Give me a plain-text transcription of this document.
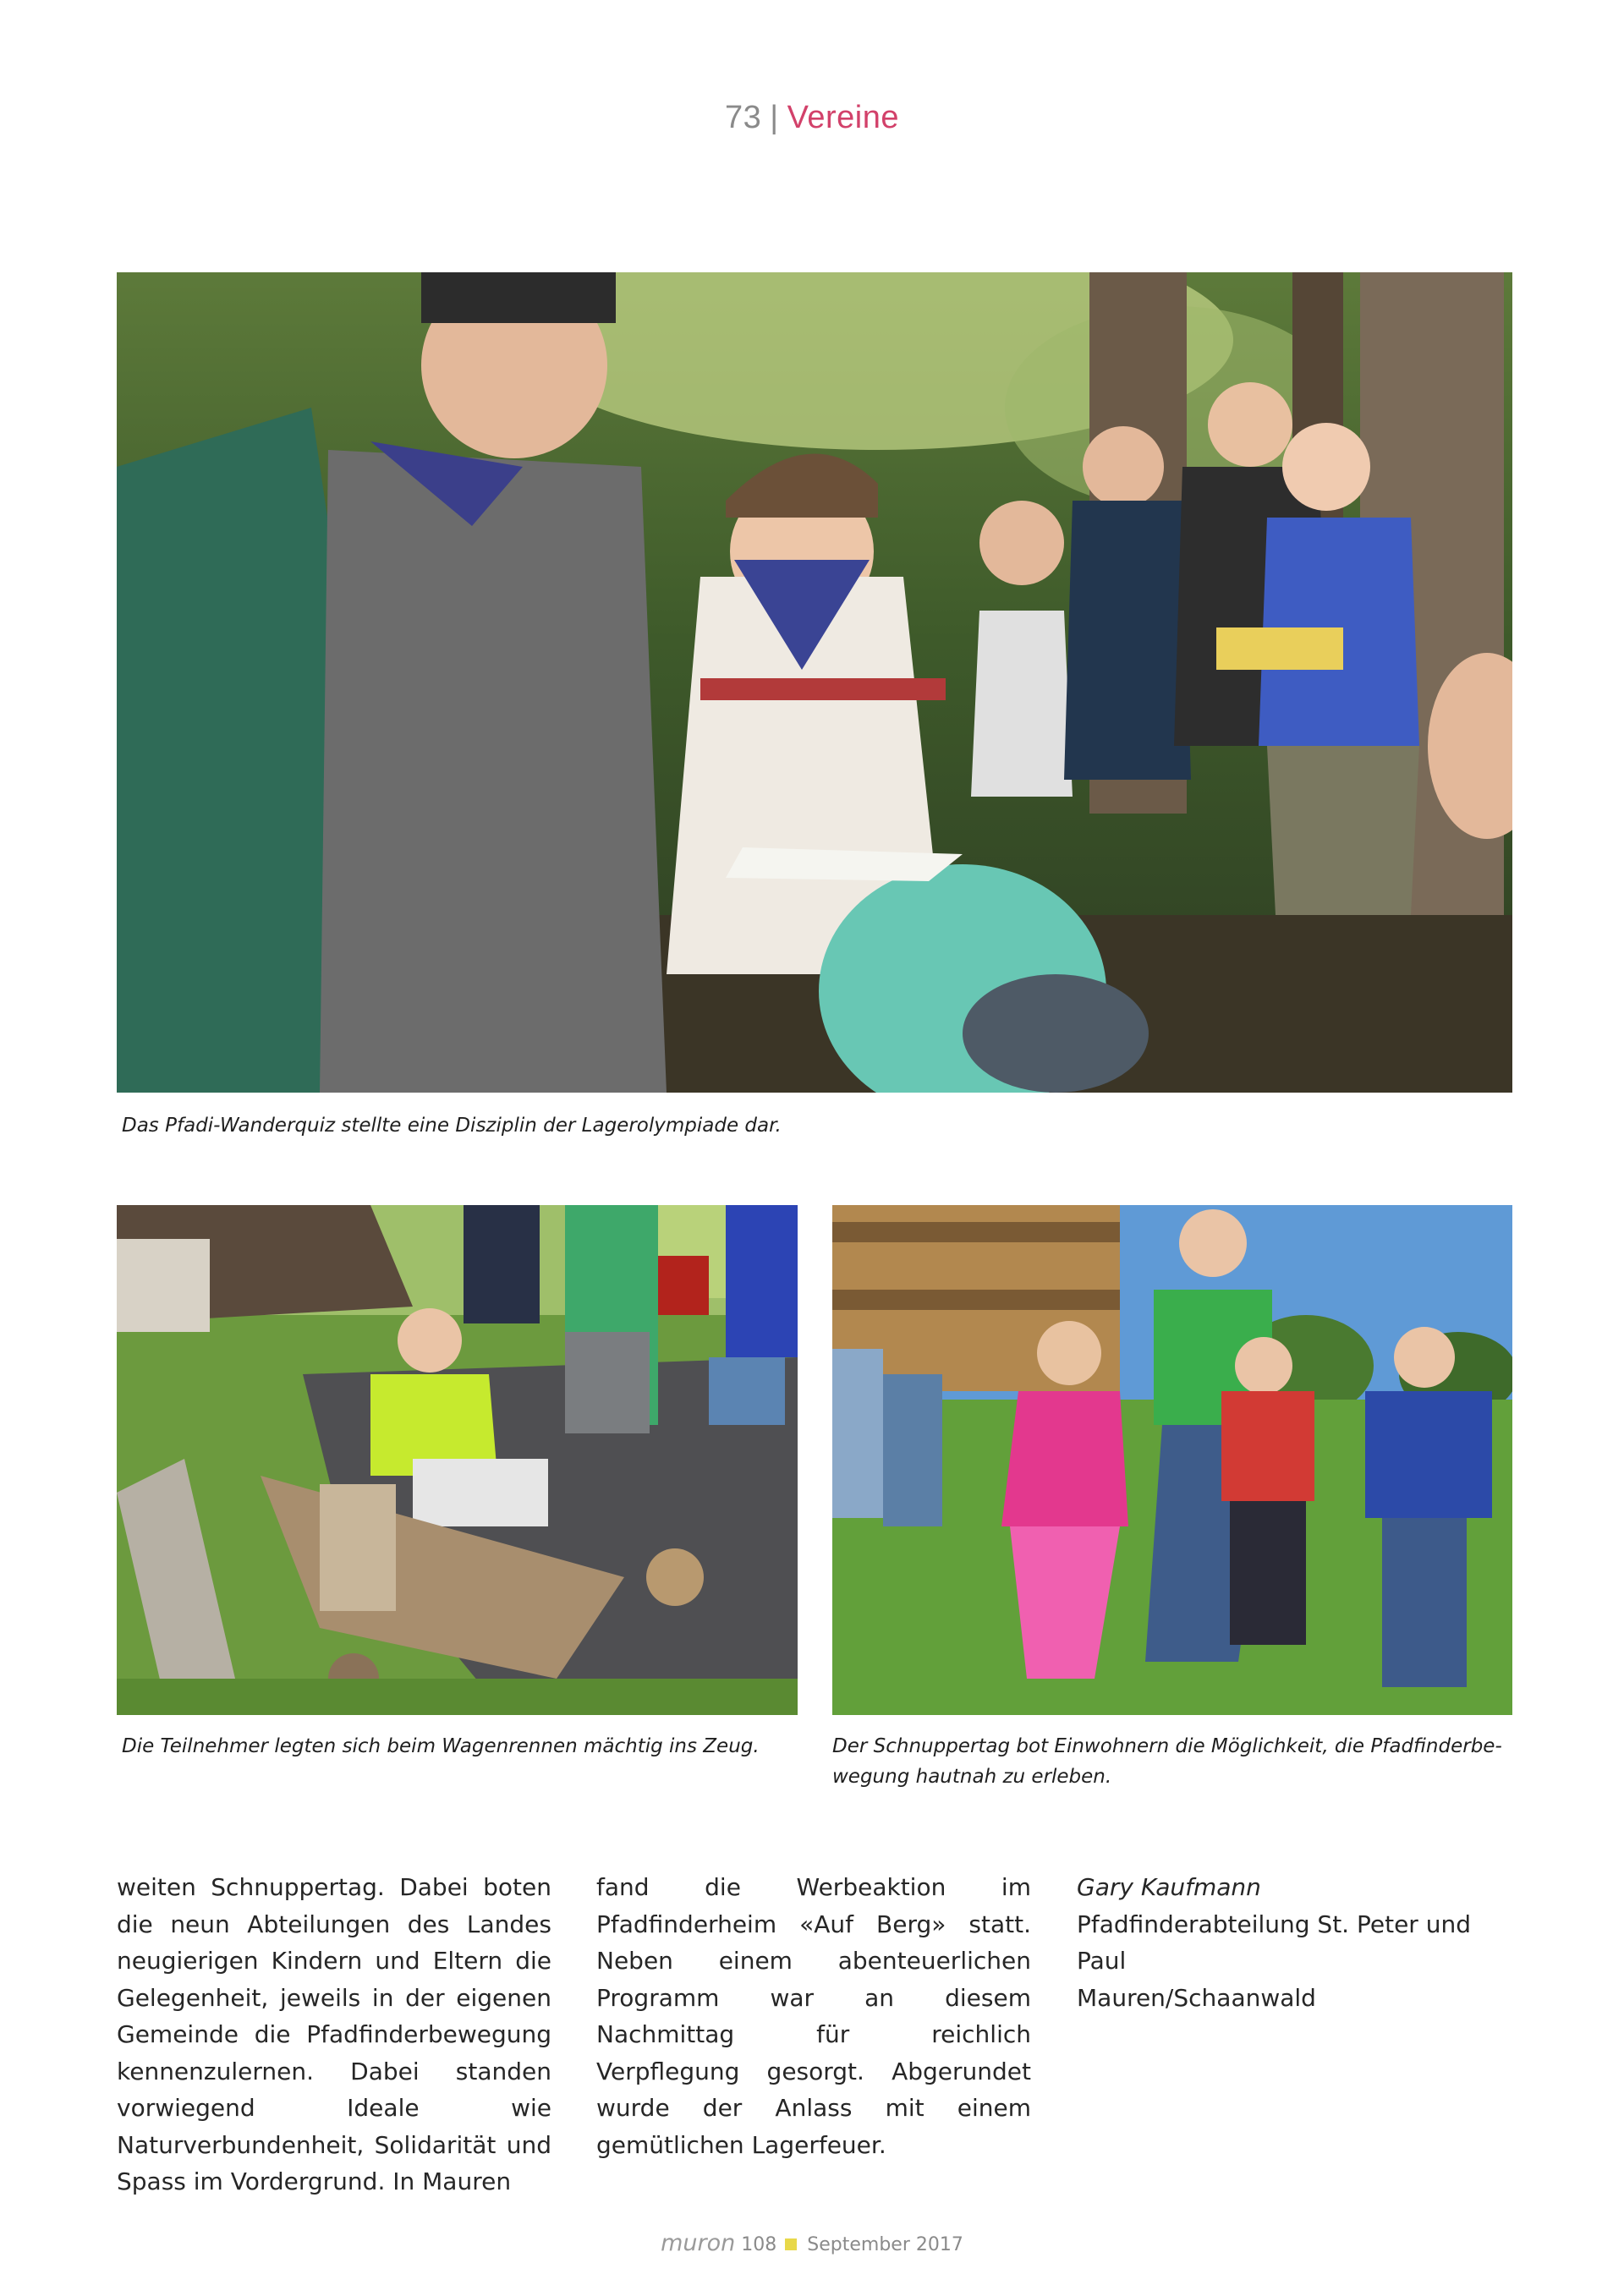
73 | Vereine
Das Pfadi-Wanderquiz stellte eine Disziplin der Lagerolympiade dar.
Die Teilnehmer legten sich beim Wagenrennen mächtig ins Zeug.	Der Schnuppertag bot Einwohnern die Möglichkeit, die Pfadfinderbe-
wegung hautnah zu erleben.

weiten Schnuppertag. Dabei boten die neun Abteilungen des Landes neugierigen Kindern und Eltern die Gelegenheit, jeweils in der eigenen Gemeinde die Pfadfinderbewegung kennenzulernen. Dabei standen vorwiegend Ideale wie Naturverbundenheit, Solidarität und Spass im Vordergrund. In Mauren

fand die Werbeaktion im Pfadfinderheim «Auf Berg» statt. Neben einem abenteuerlichen Programm war an diesem Nachmittag für reichlich Verpflegung gesorgt. Abgerundet wurde der Anlass mit einem gemütlichen Lagerfeuer.

Gary Kaufmann
Pfadfinderabteilung St. Peter und Paul
Mauren/Schaanwald
muron 108 September 2017
